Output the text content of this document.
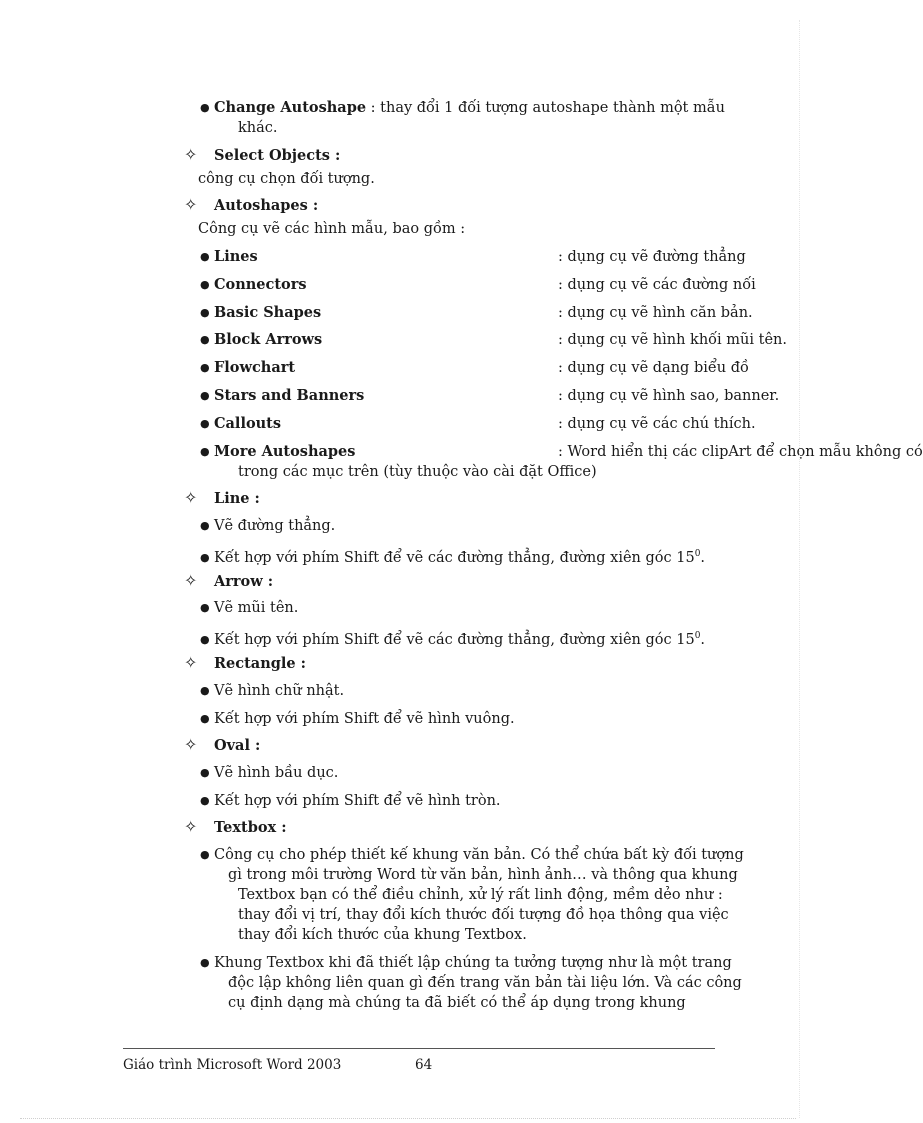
● Change Autoshape : thay đổi 1 đối tượng autoshape thành một mẫu
khác.
✧ Select Objects :
công cụ chọn đối tượng.
✧ Autoshapes :
Công cụ vẽ các hình mẫu, bao gồm :
● Lines	: dụng cụ vẽ đường thẳng
● Connectors	: dụng cụ vẽ các đường nối
● Basic Shapes	: dụng cụ vẽ hình căn bản.
● Block Arrows	: dụng cụ vẽ hình khối mũi tên.
● Flowchart	: dụng cụ vẽ dạng biểu đồ
● Stars and Banners	: dụng cụ vẽ hình sao, banner.
● Callouts	: dụng cụ vẽ các chú thích.
● More Autoshapes	: Word hiển thị các clipArt để chọn mẫu không có
trong các mục trên (tùy thuộc vào cài đặt Office)
✧ Line :
● Vẽ đường thẳng.
● Kết hợp với phím Shift để vẽ các đường thẳng, đường xiên góc $15^0$.
✧ Arrow :
● Vẽ mũi tên.
● Kết hợp với phím Shift để vẽ các đường thẳng, đường xiên góc $15^0$.
✧ Rectangle :
● Vẽ hình chữ nhật.
● Kết hợp với phím Shift để vẽ hình vuông.
✧ Oval :
● Vẽ hình bầu dục.
● Kết hợp với phím Shift để vẽ hình tròn.
✧ Textbox :
● Công cụ cho phép thiết kế khung văn bản. Có thể chứa bất kỳ đối tượng
gì trong môi trường Word từ văn bản, hình ảnh… và thông qua khung
Textbox bạn có thể điều chỉnh, xử lý rất linh động, mềm dẻo như :
thay đổi vị trí, thay đổi kích thước đối tượng đồ họa thông qua việc
thay đổi kích thước của khung Textbox.
● Khung Textbox khi đã thiết lập chúng ta tưởng tượng như là một trang
độc lập không liên quan gì đến trang văn bản tài liệu lớn. Và các công
cụ định dạng mà chúng ta đã biết có thể áp dụng trong khung
Giáo trình Microsoft Word 2003	64
